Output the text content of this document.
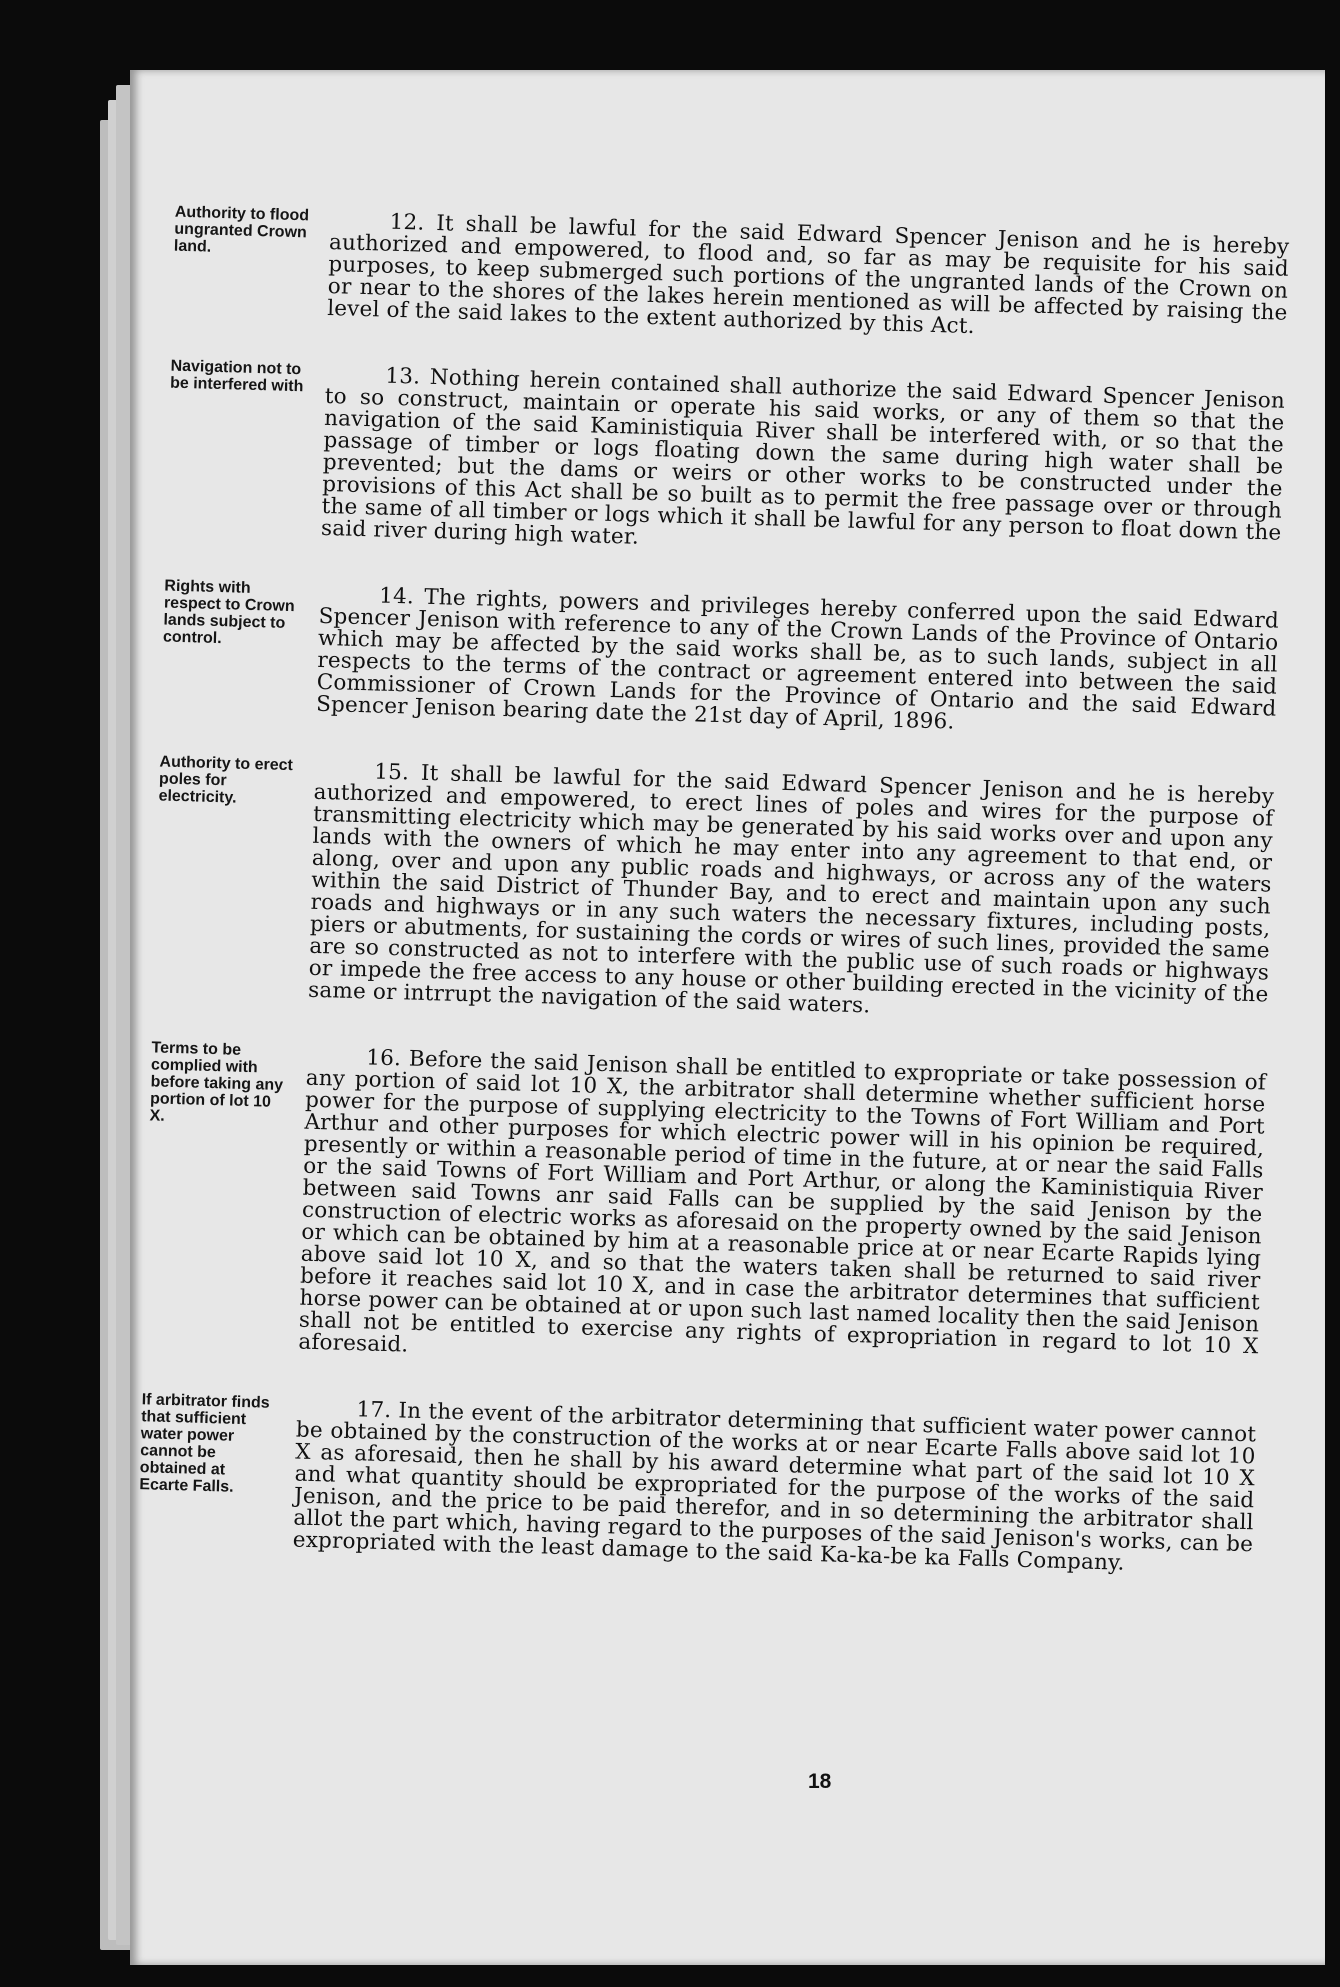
Authority to flood ungranted Crown land.	12. It shall be lawful for the said Edward Spencer Jenison and he is hereby authorized and empowered, to flood and, so far as may be requisite for his said purposes, to keep submerged such portions of the ungranted lands of the Crown on or near to the shores of the lakes herein mentioned as will be affected by raising the level of the said lakes to the extent authorized by this Act.

Navigation not to be interfered with	13. Nothing herein contained shall authorize the said Edward Spencer Jenison to so construct, maintain or operate his said works, or any of them so that the navigation of the said Kaministiquia River shall be interfered with, or so that the passage of timber or logs floating down the same during high water shall be prevented; but the dams or weirs or other works to be constructed under the provisions of this Act shall be so built as to permit the free passage over or through the same of all timber or logs which it shall be lawful for any person to float down the said river during high water.

Rights with respect to Crown lands subject to control.

14. The rights, powers and privileges hereby conferred upon the said Edward Spencer Jenison with reference to any of the Crown Lands of the Province of Ontario which may be affected by the said works shall be, as to such lands, subject in all respects to the terms of the contract or agreement entered into between the said Commissioner of Crown Lands for the Province of Ontario and the said Edward Spencer Jenison bearing date the 21st day of April, 1896.

Authority to erect poles for electricity.	15. It shall be lawful for the said Edward Spencer Jenison and he is hereby authorized and empowered, to erect lines of poles and wires for the purpose of transmitting electricity which may be generated by his said works over and upon any lands with the owners of which he may enter into any agreement to that end, or along, over and upon any public roads and highways, or across any of the waters within the said District of Thunder Bay, and to erect and maintain upon any such roads and highways or in any such waters the necessary fixtures, including posts, piers or abutments, for sustaining the cords or wires of such lines, provided the same are so constructed as not to interfere with the public use of such roads or highways or impede the free access to any house or other building erected in the vicinity of the same or intrrupt the navigation of the said waters.

Terms to be complied with before taking any portion of lot 10 X.

16. Before the said Jenison shall be entitled to expropriate or take possession of any portion of said lot 10 X, the arbitrator shall determine whether sufficient horse power for the purpose of supplying electricity to the Towns of Fort William and Port Arthur and other purposes for which electric power will in his opinion be required, presently or within a reasonable period of time in the future, at or near the said Falls or the said Towns of Fort William and Port Arthur, or along the Kaministiquia River between said Towns anr said Falls can be supplied by the said Jenison by the construction of electric works as aforesaid on the property owned by the said Jenison or which can be obtained by him at a reasonable price at or near Ecarte Rapids lying above said lot 10 X, and so that the waters taken shall be returned to said river before it reaches said lot 10 X, and in case the arbitrator determines that sufficient horse power can be obtained at or upon such last named locality then the said Jenison shall not be entitled to exercise any rights of expropriation in regard to lot 10 X aforesaid.

If arbitrator finds that sufficient water power cannot be obtained at Ecarte Falls.

17. In the event of the arbitrator determining that sufficient water power cannot be obtained by the construction of the works at or near Ecarte Falls above said lot 10 X as aforesaid, then he shall by his award determine what part of the said lot 10 X and what quantity should be expropriated for the purpose of the works of the said Jenison, and the price to be paid therefor, and in so determining the arbitrator shall allot the part which, having regard to the purposes of the said Jenison's works, can be expropriated with the least damage to the said Ka-ka-be ka Falls Company.

18
